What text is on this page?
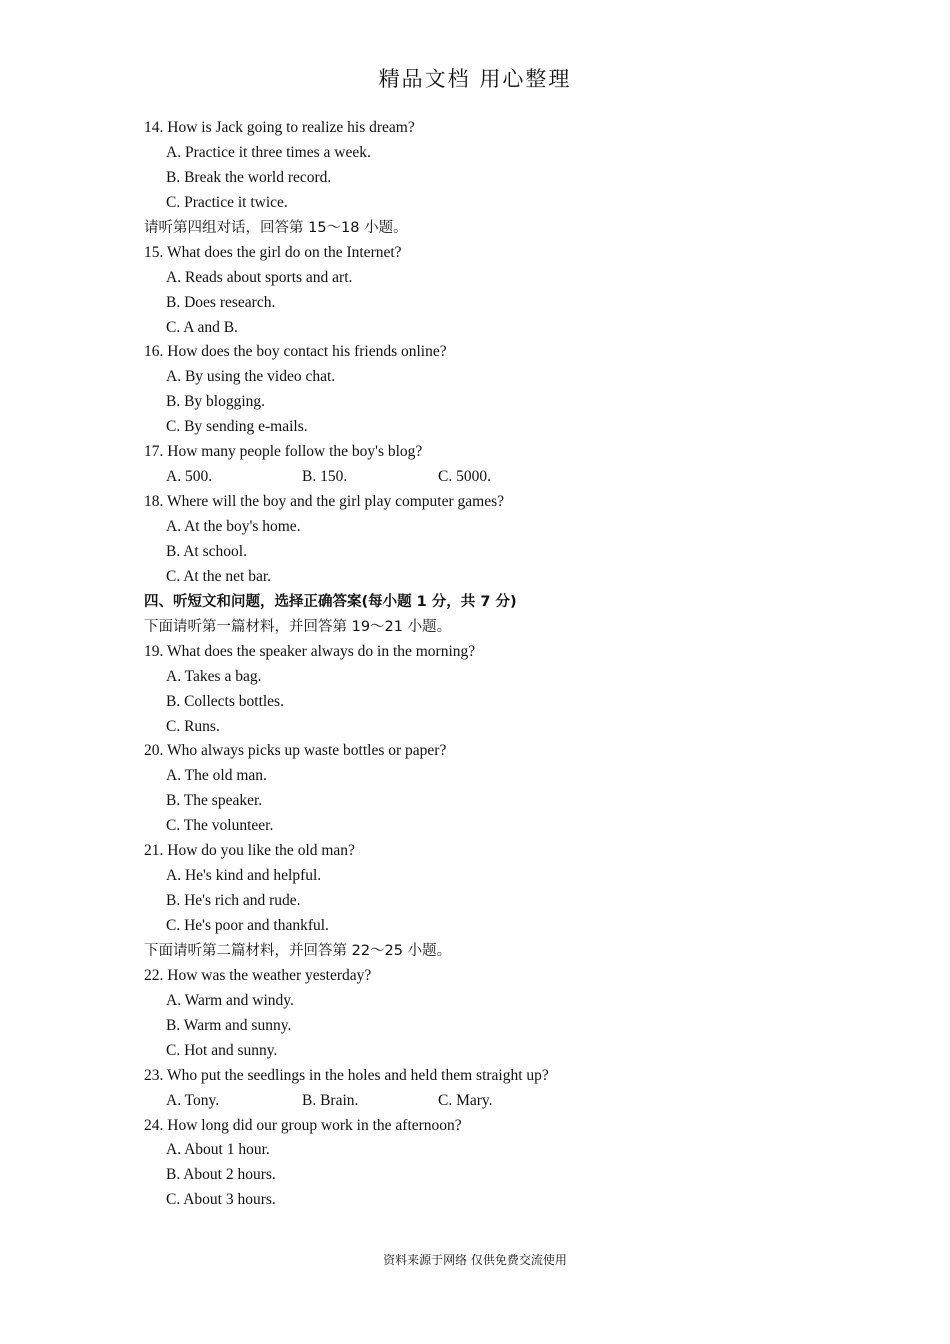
精品文档 用心整理
14. How is Jack going to realize his dream?
A. Practice it three times a week.
B. Break the world record.
C. Practice it twice.
请听第四组对话，回答第 15～18 小题。
15. What does the girl do on the Internet?
A. Reads about sports and art.
B. Does research.
C. A and B.
16. How does the boy contact his friends online?
A. By using the video chat.
B. By blogging.
C. By sending e-mails.
17. How many people follow the boy's blog?
A. 500.	B. 150.	C. 5000.
18. Where will the boy and the girl play computer games?
A. At the boy's home.
B. At school.
C. At the net bar.
四、听短文和问题，选择正确答案(每小题 1 分，共 7 分)
下面请听第一篇材料，并回答第 19～21 小题。
19. What does the speaker always do in the morning?
A. Takes a bag.
B. Collects bottles.
C. Runs.
20. Who always picks up waste bottles or paper?
A. The old man.
B. The speaker.
C. The volunteer.
21. How do you like the old man?
A. He's kind and helpful.
B. He's rich and rude.
C. He's poor and thankful.
下面请听第二篇材料，并回答第 22～25 小题。
22. How was the weather yesterday?
A. Warm and windy.
B. Warm and sunny.
C. Hot and sunny.
23. Who put the seedlings in the holes and held them straight up?
A. Tony.	B. Brain.	C. Mary.
24. How long did our group work in the afternoon?
A. About 1 hour.
B. About 2 hours.
C. About 3 hours.
资料来源于网络 仅供免费交流使用
